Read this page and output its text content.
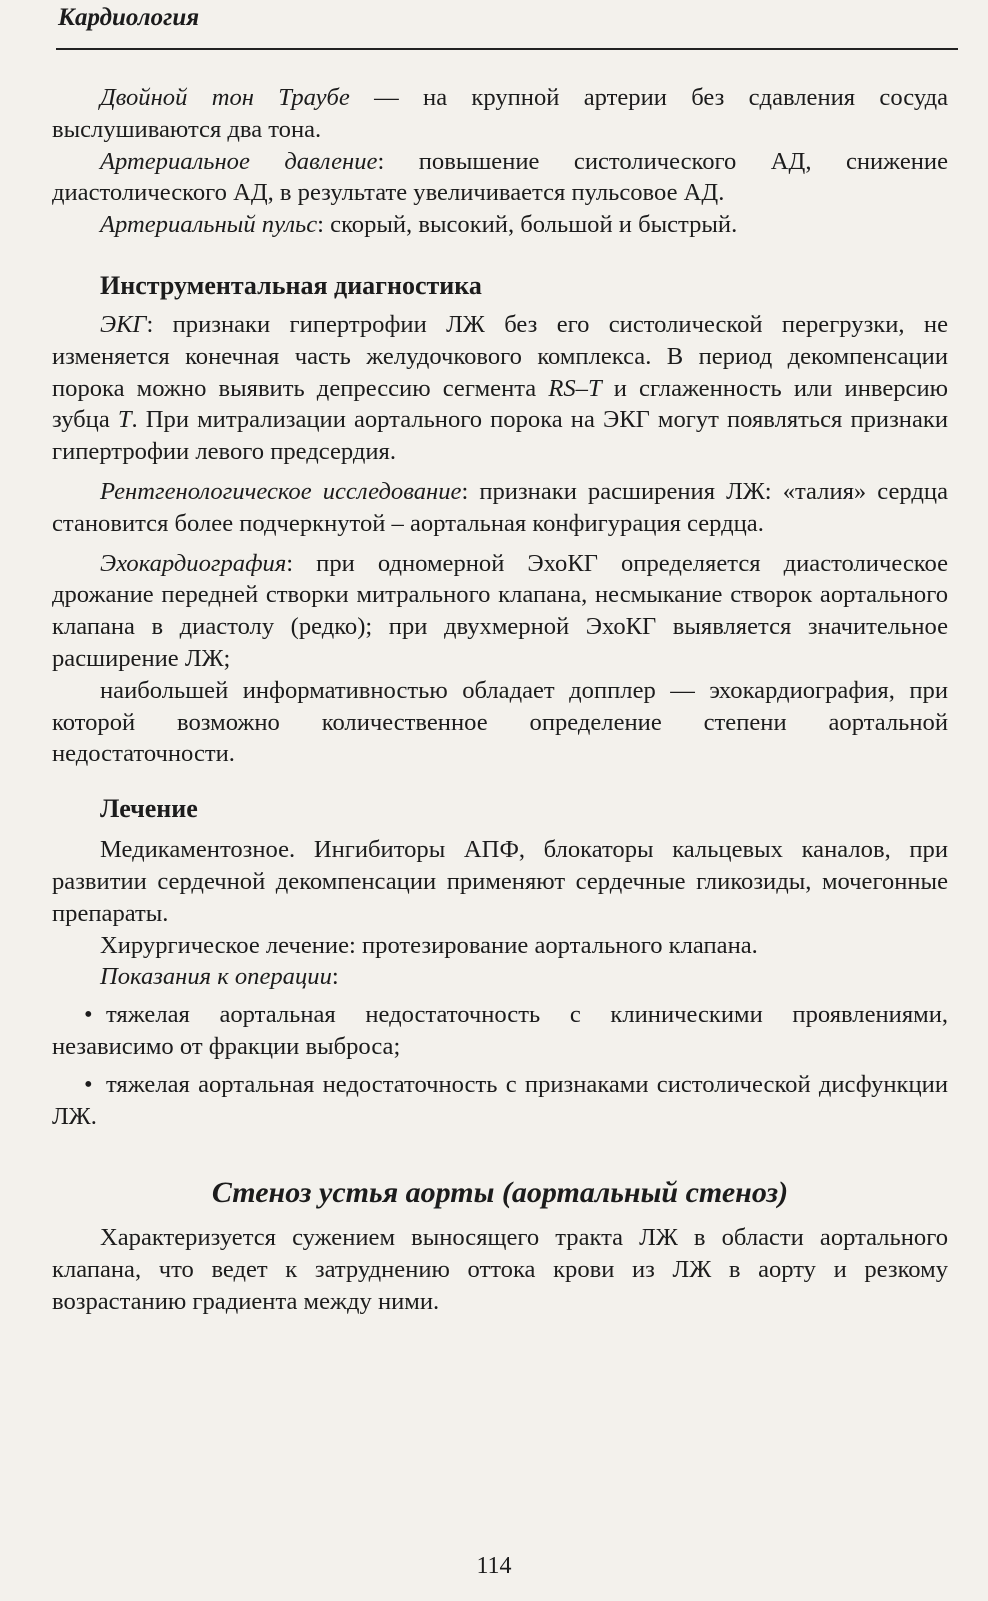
Кардиология

Двойной тон Траубе — на крупной артерии без сдавления сосуда выслушиваются два тона.

Артериальное давление: повышение систолического АД, снижение диастолического АД, в результате увеличивается пульсовое АД.

Артериальный пульс: скорый, высокий, большой и быстрый.

Инструментальная диагностика

ЭКГ: признаки гипертрофии ЛЖ без его систолической перегрузки, не изменяется конечная часть желудочкового комплекса. В период декомпенсации порока можно выявить депрессию сегмента RS–T и сглаженность или инверсию зубца T. При митрализации аортального порока на ЭКГ могут появляться признаки гипертрофии левого предсердия.

Рентгенологическое исследование: признаки расширения ЛЖ: «талия» сердца становится более подчеркнутой – аортальная конфигурация сердца.

Эхокардиография: при одномерной ЭхоКГ определяется диастолическое дрожание передней створки митрального клапана, несмыкание створок аортального клапана в диастолу (редко); при двухмерной ЭхоКГ выявляется значительное расширение ЛЖ;

наибольшей информативностью обладает допплер — эхокардиография, при которой возможно количественное определение степени аортальной недостаточности.

Лечение

Медикаментозное. Ингибиторы АПФ, блокаторы кальцевых каналов, при развитии сердечной декомпенсации применяют сердечные гликозиды, мочегонные препараты.

Хирургическое лечение: протезирование аортального клапана.

Показания к операции:

• тяжелая аортальная недостаточность с клиническими проявлениями, независимо от фракции выброса;
• тяжелая аортальная недостаточность с признаками систолической дисфункции ЛЖ.
Стеноз устья аорты (аортальный стеноз)

Характеризуется сужением выносящего тракта ЛЖ в области аортального клапана, что ведет к затруднению оттока крови из ЛЖ в аорту и резкому возрастанию градиента между ними.

114
